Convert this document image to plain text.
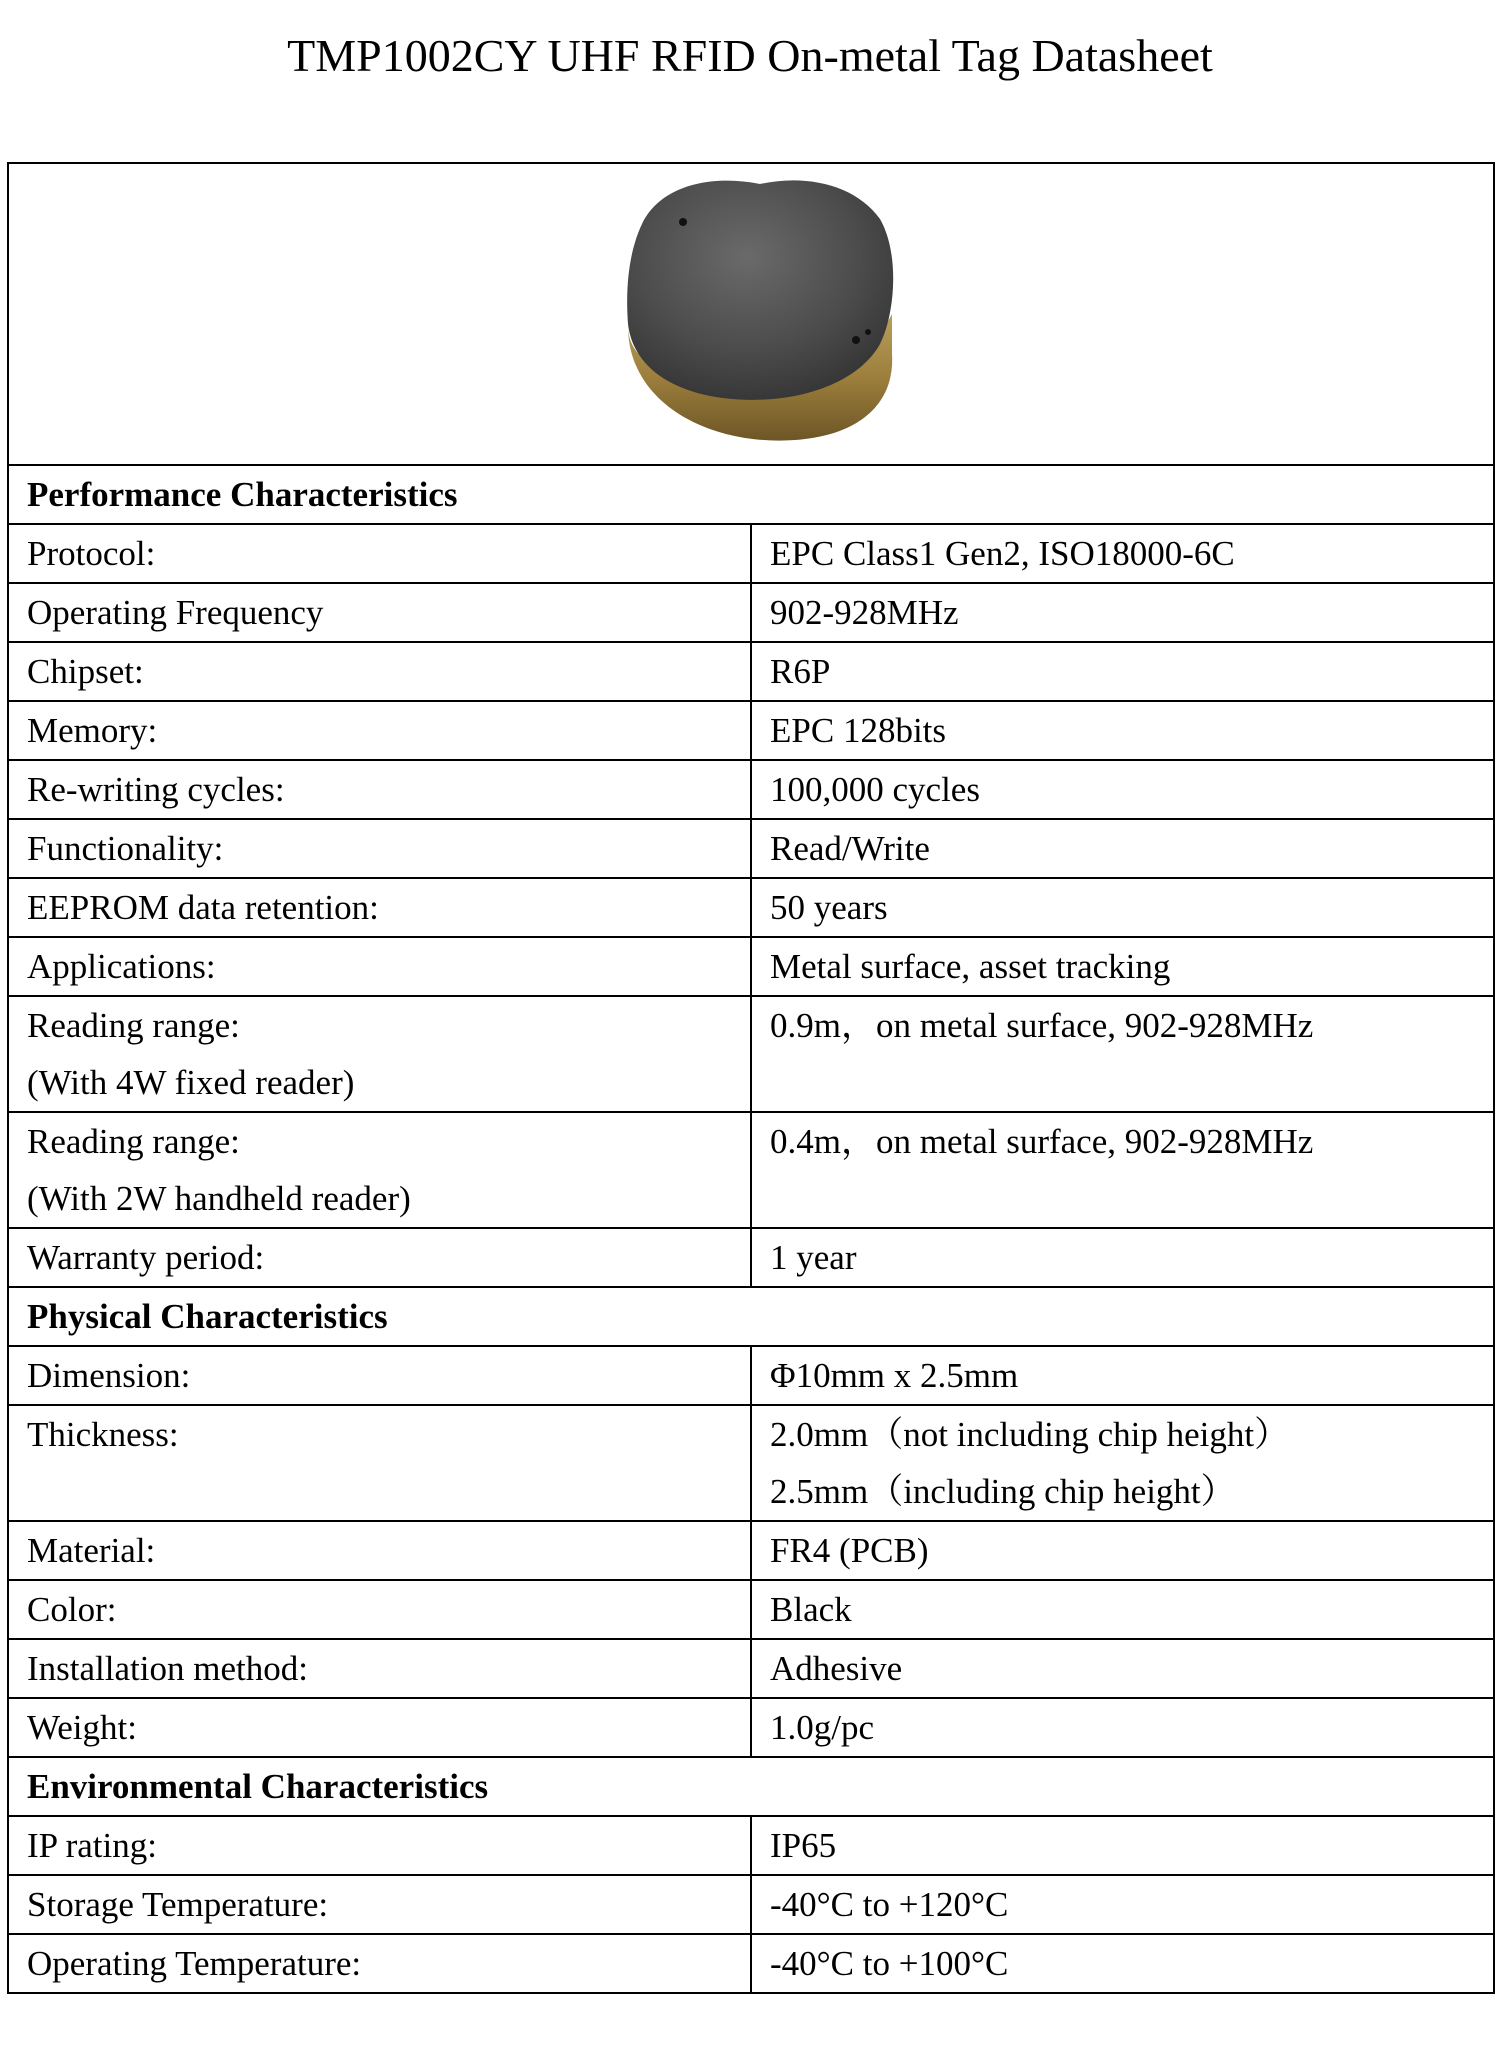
TMP1002CY UHF RFID On-metal Tag Datasheet

Performance Characteristics	

Protocol:	EPC Class1 Gen2, ISO18000-6C

Operating Frequency	902-928MHz

Chipset:	R6P

Memory:	EPC 128bits

Re-writing cycles:	100,000 cycles

Functionality:	Read/Write

EEPROM data retention:	50 years

Applications:	Metal surface, asset tracking

Reading range:
(With 4W fixed reader)	0.9m，on metal surface, 902-928MHz

Reading range:
(With 2W handheld reader)	0.4m，on metal surface, 902-928MHz

Warranty period:	1 year

Physical Characteristics	

Dimension:	Φ10mm x 2.5mm

Thickness:	2.0mm（not including chip height）
2.5mm（including chip height）

Material:	FR4 (PCB)

Color:	Black

Installation method:	Adhesive

Weight:	1.0g/pc

Environmental Characteristics	

IP rating:	IP65

Storage Temperature:	-40°C to +120°C

Operating Temperature:	-40°C to +100°C
